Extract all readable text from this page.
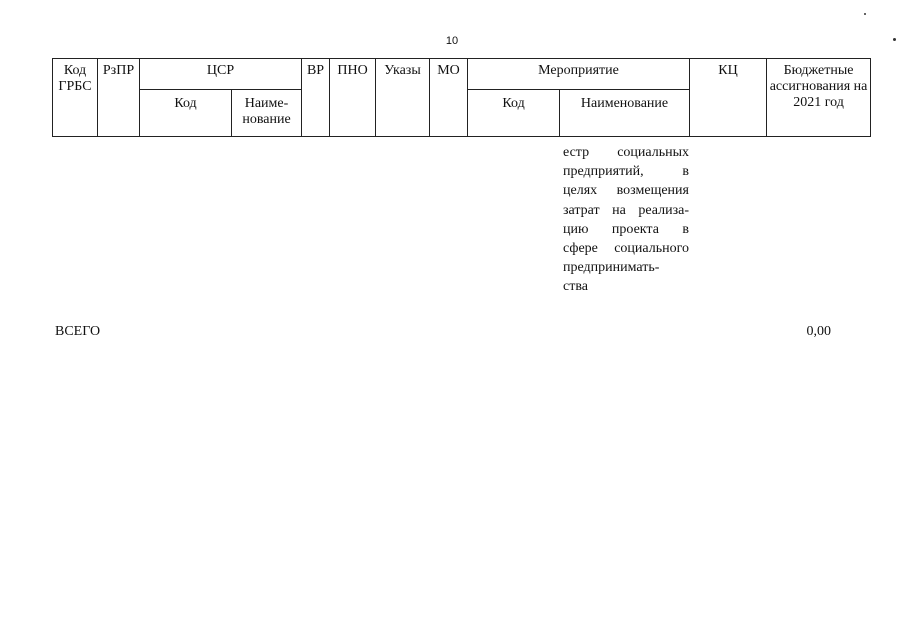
10
Код ГРБС	РзПР	ЦСР		ВР	ПНО	Указы	МО	Мероприятие		КЦ	Бюджетные ассигнования на 2021 год
		Код	Наиме-нование					Код	Наименование		
естр социальных
предприятий, в
целях возмещения
затрат на реализа-
цию проекта в
сфере социального
предпринимать-
ства
ВСЕГО	0,00
